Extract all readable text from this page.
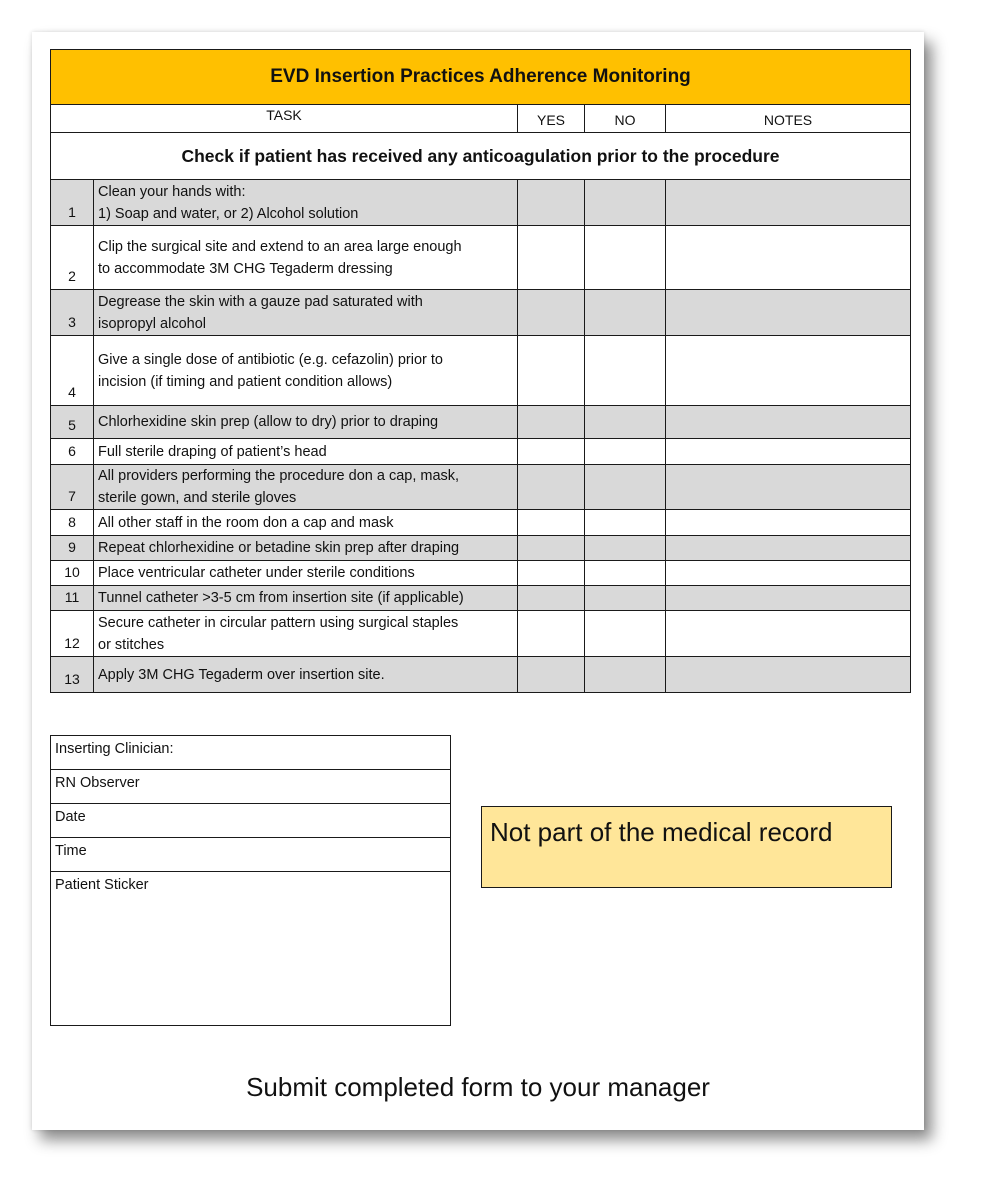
EVD Insertion Practices Adherence Monitoring				
TASK		YES	NO	NOTES
Check if patient has received any anticoagulation prior to the procedure				
1	Clean your hands with:
1) Soap and water, or 2) Alcohol solution			

2	Clip the surgical site and extend to an area large enough
to accommodate 3M CHG Tegaderm dressing			

3	Degrease the skin with a gauze pad saturated with
isopropyl alcohol			

4	Give a single dose of antibiotic (e.g. cefazolin) prior to
incision (if timing and patient condition allows)			

5	Chlorhexidine skin prep (allow to dry) prior to draping			

6	Full sterile draping of patient’s head			

7	All providers performing the procedure don a cap, mask,
sterile gown, and sterile gloves			

8	All other staff in the room don a cap and mask			

9	Repeat chlorhexidine or betadine skin prep after draping			

10	Place ventricular catheter under sterile conditions			

11	Tunnel catheter >3-5 cm from insertion site (if applicable)			

12	Secure catheter in circular pattern using surgical staples
or stitches			

13	Apply 3M CHG Tegaderm over insertion site.			

Inserting Clinician:
RN Observer
Date
Time
Patient Sticker
Not part of the medical record
Submit completed form to your manager
